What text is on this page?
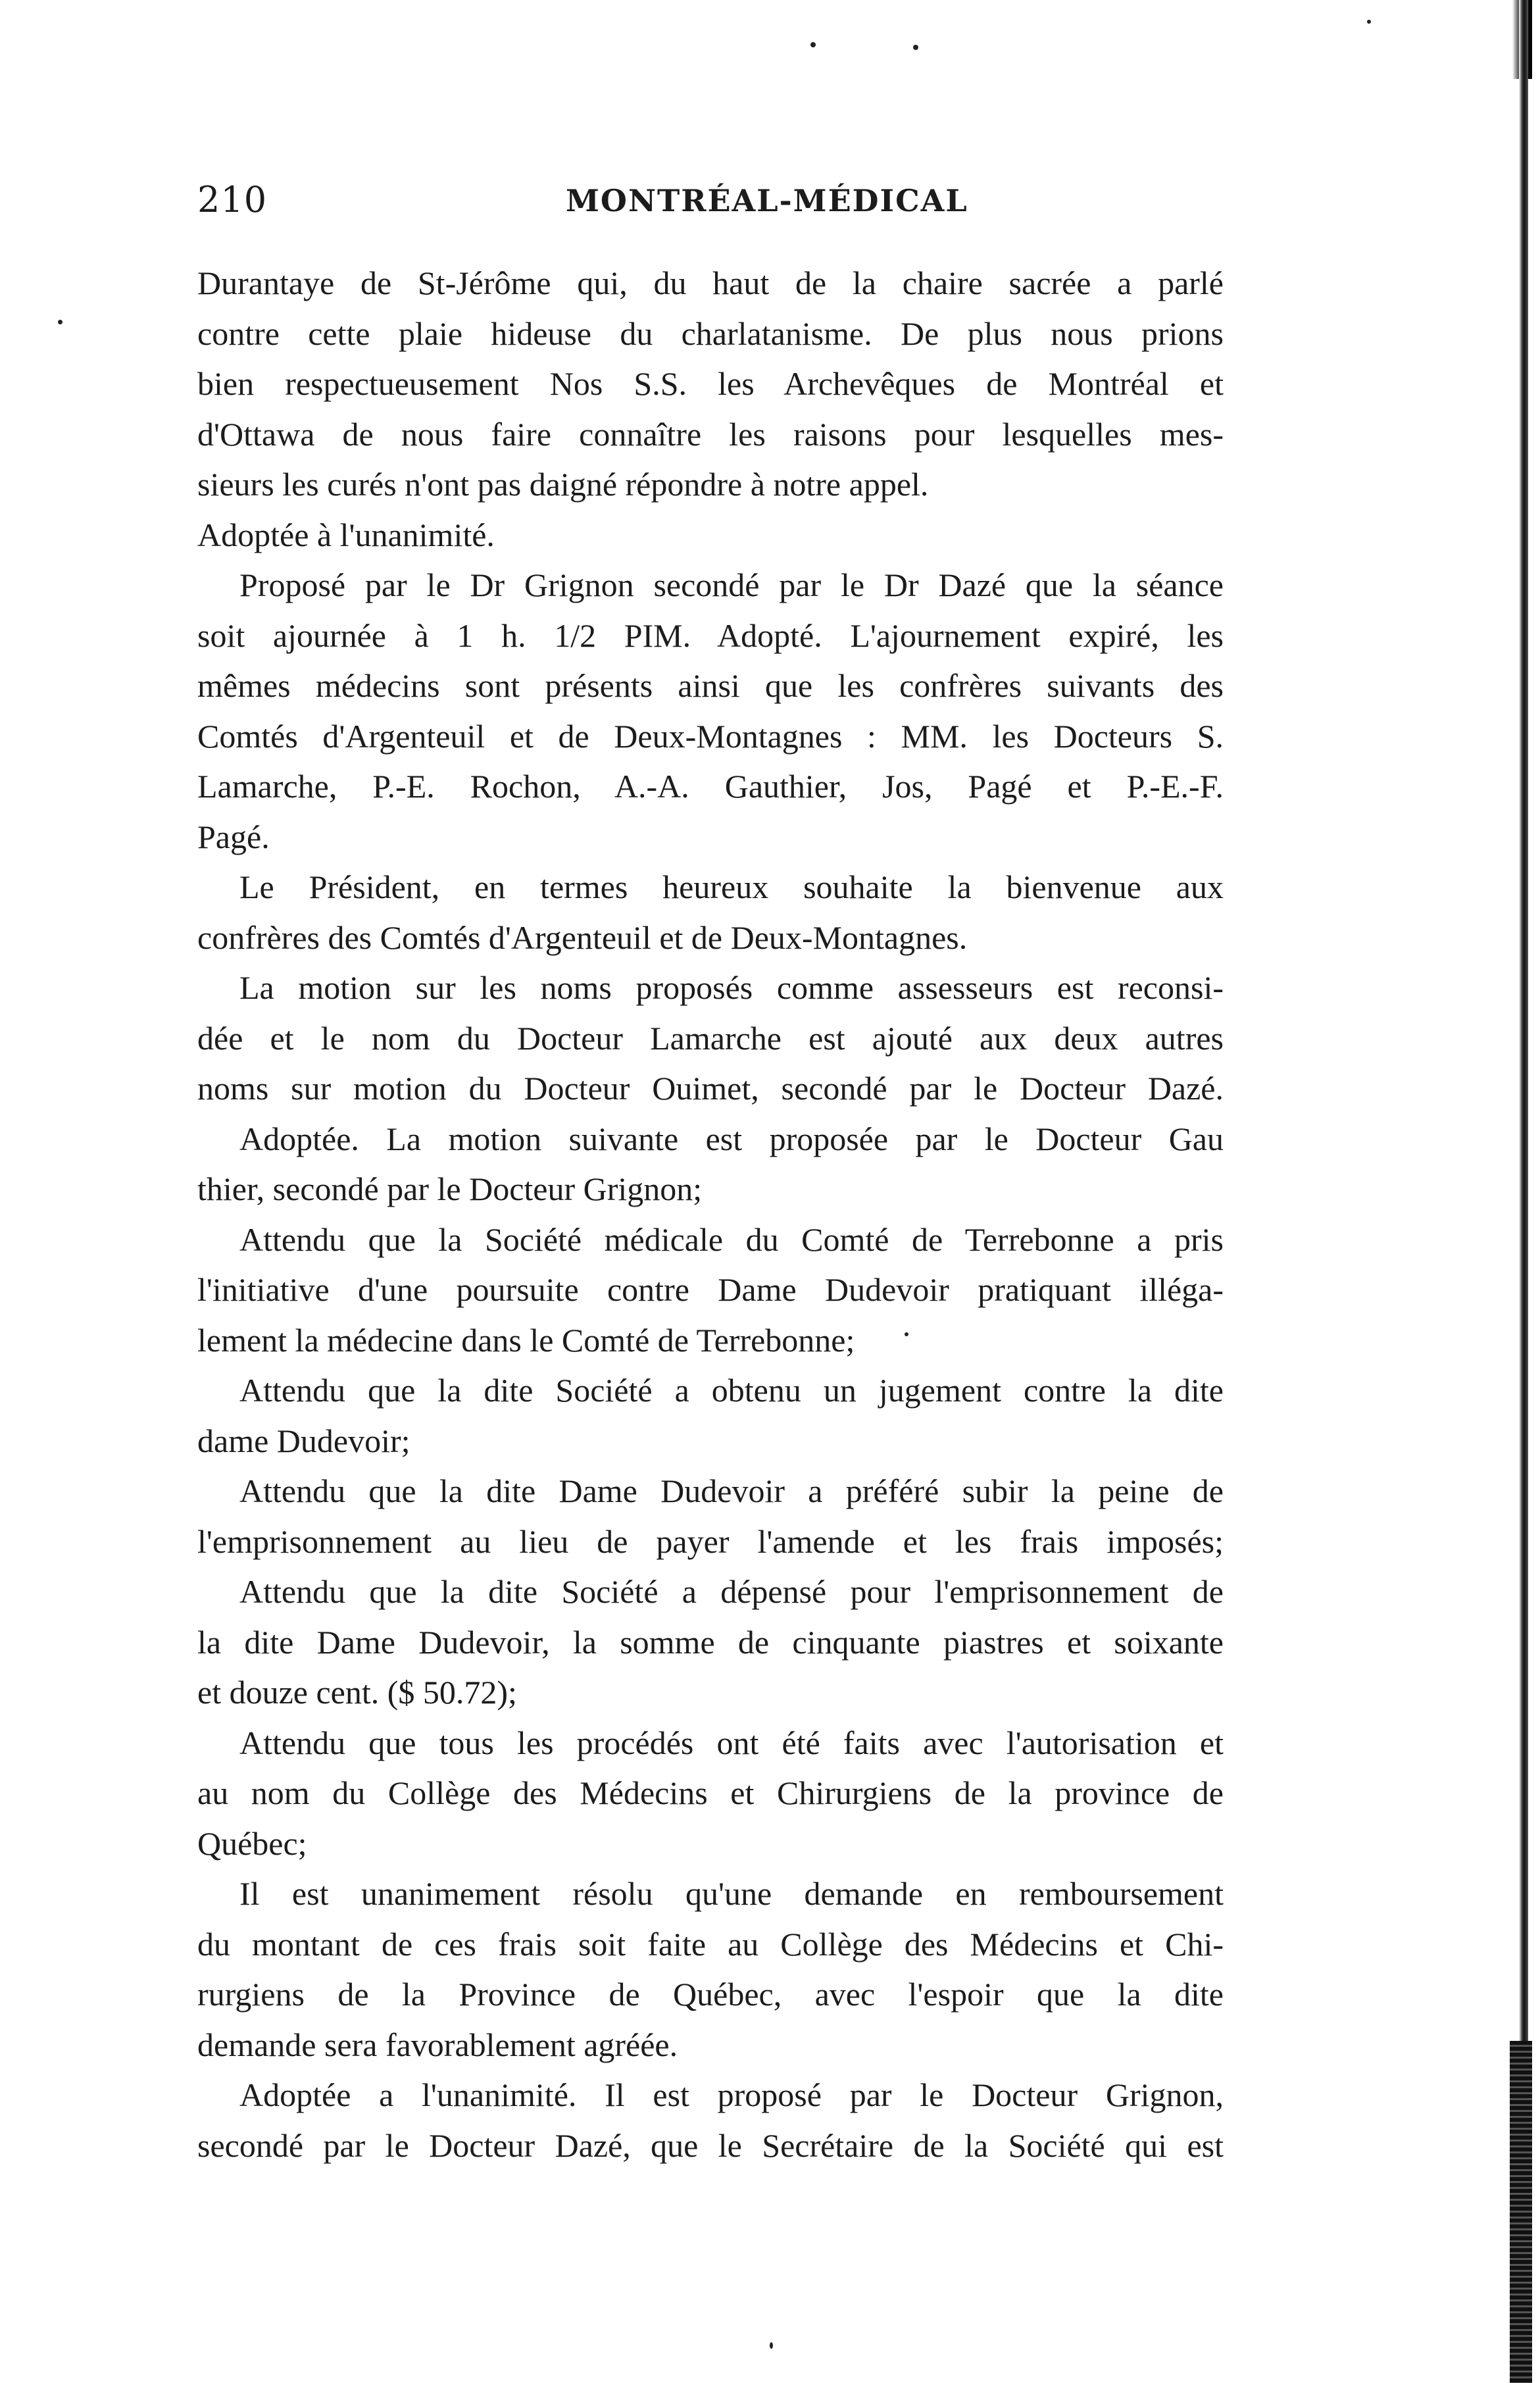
210	MONTRÉAL-MÉDICAL
Durantaye de St-Jérôme qui, du haut de la chaire sacrée a parlé
contre cette plaie hideuse du charlatanisme. De plus nous prions
bien respectueusement Nos S.S. les Archevêques de Montréal et
d'Ottawa de nous faire connaître les raisons pour lesquelles mes-
sieurs les curés n'ont pas daigné répondre à notre appel.
Adoptée à l'unanimité.
Proposé par le Dr Grignon secondé par le Dr Dazé que la séance
soit ajournée à 1 h. 1/2 PIM. Adopté. L'ajournement expiré, les
mêmes médecins sont présents ainsi que les confrères suivants des
Comtés d'Argenteuil et de Deux-Montagnes : MM. les Docteurs S.
Lamarche, P.-E. Rochon, A.-A. Gauthier, Jos, Pagé et P.-E.-F.
Pagé.
Le Président, en termes heureux souhaite la bienvenue aux
confrères des Comtés d'Argenteuil et de Deux-Montagnes.
La motion sur les noms proposés comme assesseurs est reconsi-
dée et le nom du Docteur Lamarche est ajouté aux deux autres
noms sur motion du Docteur Ouimet, secondé par le Docteur Dazé.
Adoptée. La motion suivante est proposée par le Docteur Gau
thier, secondé par le Docteur Grignon;
Attendu que la Société médicale du Comté de Terrebonne a pris
l'initiative d'une poursuite contre Dame Dudevoir pratiquant illéga-
lement la médecine dans le Comté de Terrebonne;
Attendu que la dite Société a obtenu un jugement contre la dite
dame Dudevoir;
Attendu que la dite Dame Dudevoir a préféré subir la peine de
l'emprisonnement au lieu de payer l'amende et les frais imposés;
Attendu que la dite Société a dépensé pour l'emprisonnement de
la dite Dame Dudevoir, la somme de cinquante piastres et soixante
et douze cent. ($ 50.72);
Attendu que tous les procédés ont été faits avec l'autorisation et
au nom du Collège des Médecins et Chirurgiens de la province de
Québec;
Il est unanimement résolu qu'une demande en remboursement
du montant de ces frais soit faite au Collège des Médecins et Chi-
rurgiens de la Province de Québec, avec l'espoir que la dite
demande sera favorablement agréée.
Adoptée a l'unanimité. Il est proposé par le Docteur Grignon,
secondé par le Docteur Dazé, que le Secrétaire de la Société qui est
